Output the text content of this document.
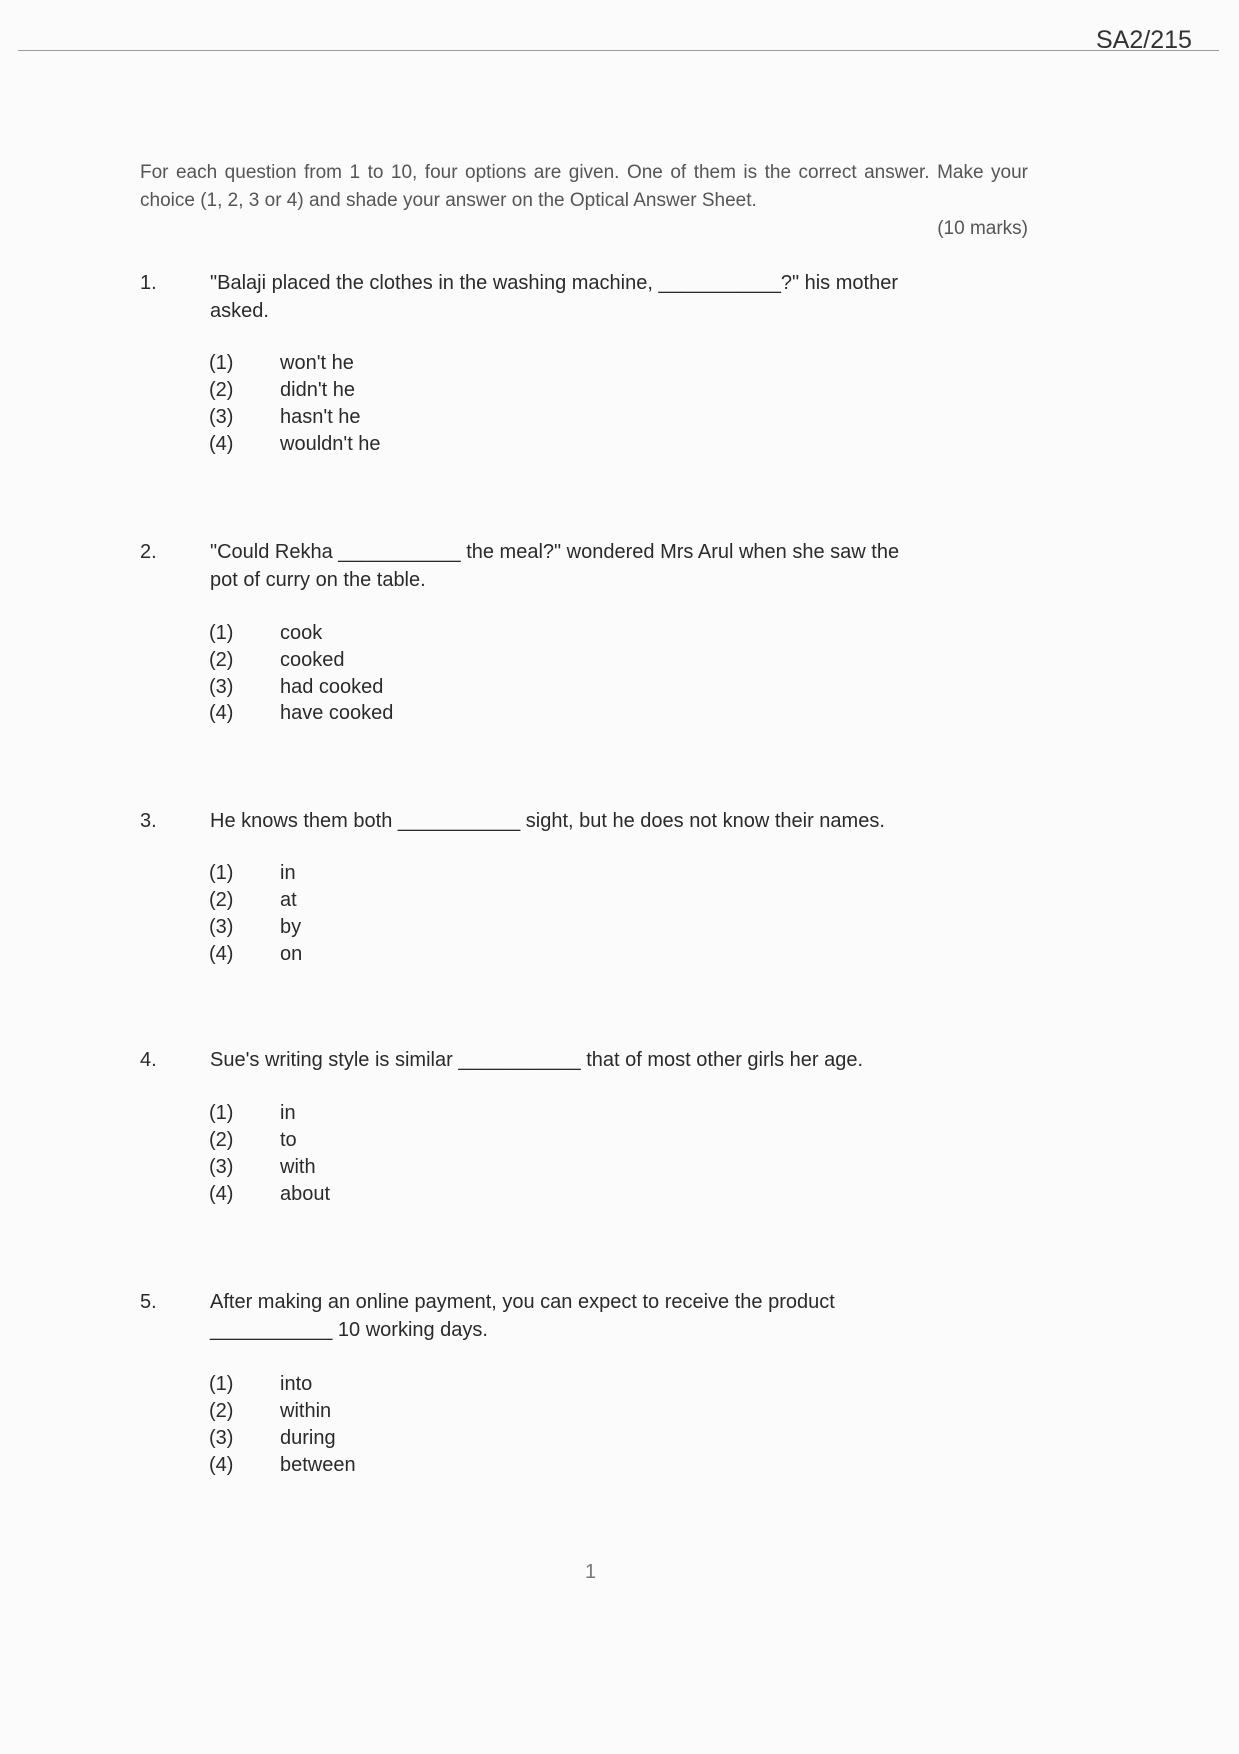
SA2/215
For each question from 1 to 10, four options are given. One of them is the correct answer. Make your choice (1, 2, 3 or 4) and shade your answer on the Optical Answer Sheet.
(10 marks)
1.	"Balaji placed the clothes in the washing machine, ___________?" his mother
asked.
(1) won't he
(2) didn't he
(3) hasn't he
(4) wouldn't he
2.	"Could Rekha ___________ the meal?" wondered Mrs Arul when she saw the
pot of curry on the table.
(1) cook
(2) cooked
(3) had cooked
(4) have cooked
3.	He knows them both ___________ sight, but he does not know their names.
(1) in
(2) at
(3) by
(4) on
4.	Sue's writing style is similar ___________ that of most other girls her age.
(1) in
(2) to
(3) with
(4) about
5.	After making an online payment, you can expect to receive the product
___________ 10 working days.
(1) into
(2) within
(3) during
(4) between
1
